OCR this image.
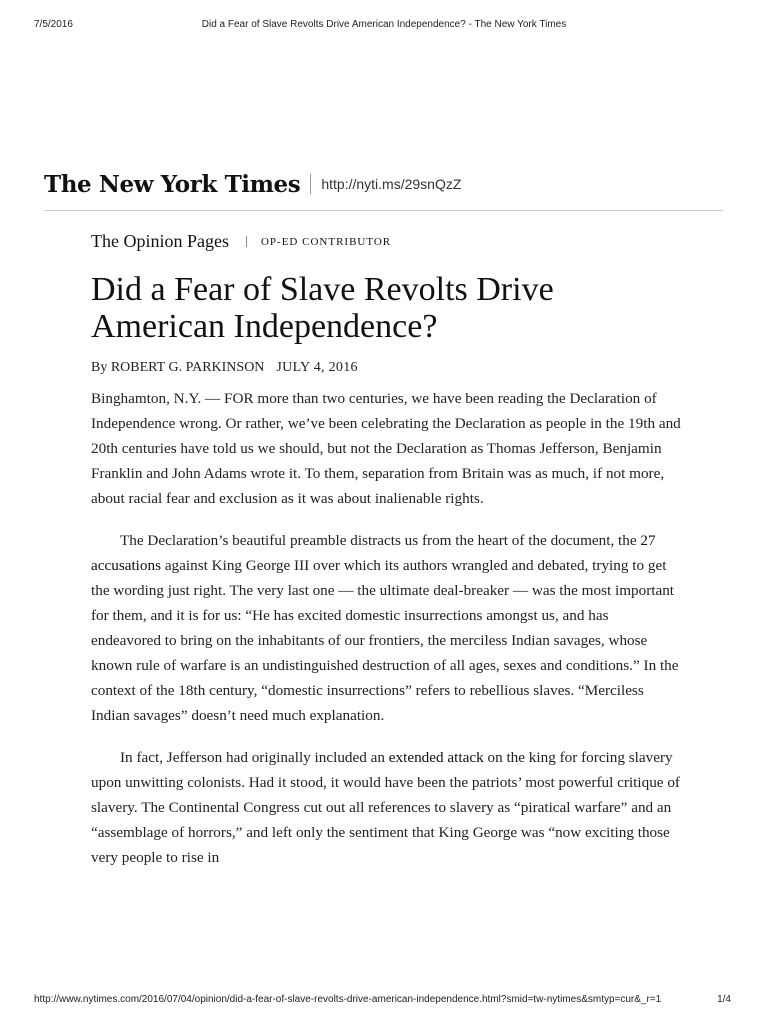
7/5/2016	Did a Fear of Slave Revolts Drive American Independence? - The New York Times
The New York Times http://nyti.ms/29snQzZ
The Opinion Pages	OP-ED CONTRIBUTOR
Did a Fear of Slave Revolts Drive American Independence?
By ROBERT G. PARKINSON JULY 4, 2016

Binghamton, N.Y. — FOR more than two centuries, we have been reading the Declaration of Independence wrong. Or rather, we’ve been celebrating the Declaration as people in the 19th and 20th centuries have told us we should, but not the Declaration as Thomas Jefferson, Benjamin Franklin and John Adams wrote it. To them, separation from Britain was as much, if not more, about racial fear and exclusion as it was about inalienable rights.

The Declaration’s beautiful preamble distracts us from the heart of the document, the 27 accusations against King George III over which its authors wrangled and debated, trying to get the wording just right. The very last one — the ultimate deal-breaker — was the most important for them, and it is for us: “He has excited domestic insurrections amongst us, and has endeavored to bring on the inhabitants of our frontiers, the merciless Indian savages, whose known rule of warfare is an undistinguished destruction of all ages, sexes and conditions.” In the context of the 18th century, “domestic insurrections” refers to rebellious slaves. “Merciless Indian savages” doesn’t need much explanation.

In fact, Jefferson had originally included an extended attack on the king for forcing slavery upon unwitting colonists. Had it stood, it would have been the patriots’ most powerful critique of slavery. The Continental Congress cut out all references to slavery as “piratical warfare” and an “assemblage of horrors,” and left only the sentiment that King George was “now exciting those very people to rise in

http://www.nytimes.com/2016/07/04/opinion/did-a-fear-of-slave-revolts-drive-american-independence.html?smid=tw-nytimes&smtyp=cur&_r=1	1/4
